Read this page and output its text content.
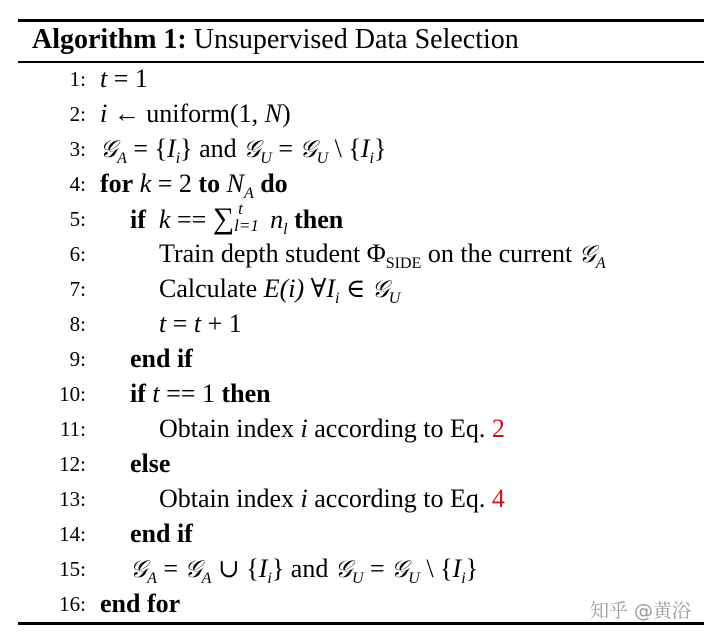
Algorithm 1: Unsupervised Data Selection
1: t = 1
2: i ← uniform(1, N)
3: 𝒢$_A$ = $\{I_i\}$ and 𝒢$_U$ = 𝒢$_U$ \ $\{I_i\}$
4: for k = 2 to $N_A$ do
5: if k == ∑ t
l=1 $n_l$ then
6:	Train depth student $\Phi_{SIDE}$ on the current 𝒢$_A$
7:	Calculate E(i) $\forall I_i$ ∈ 𝒢$_U$
8:	t = t + 1
9: end if
10: if t == 1 then
11:	Obtain index i according to Eq. 2
12: else
13:	Obtain index i according to Eq. 4
14: end if
15: 𝒢$_A$ = 𝒢$_A$ ∪ $\{I_i\}$ and 𝒢$_U$ = 𝒢$_U$ \ $\{I_i\}$
16: end for	知乎 @黄浴
